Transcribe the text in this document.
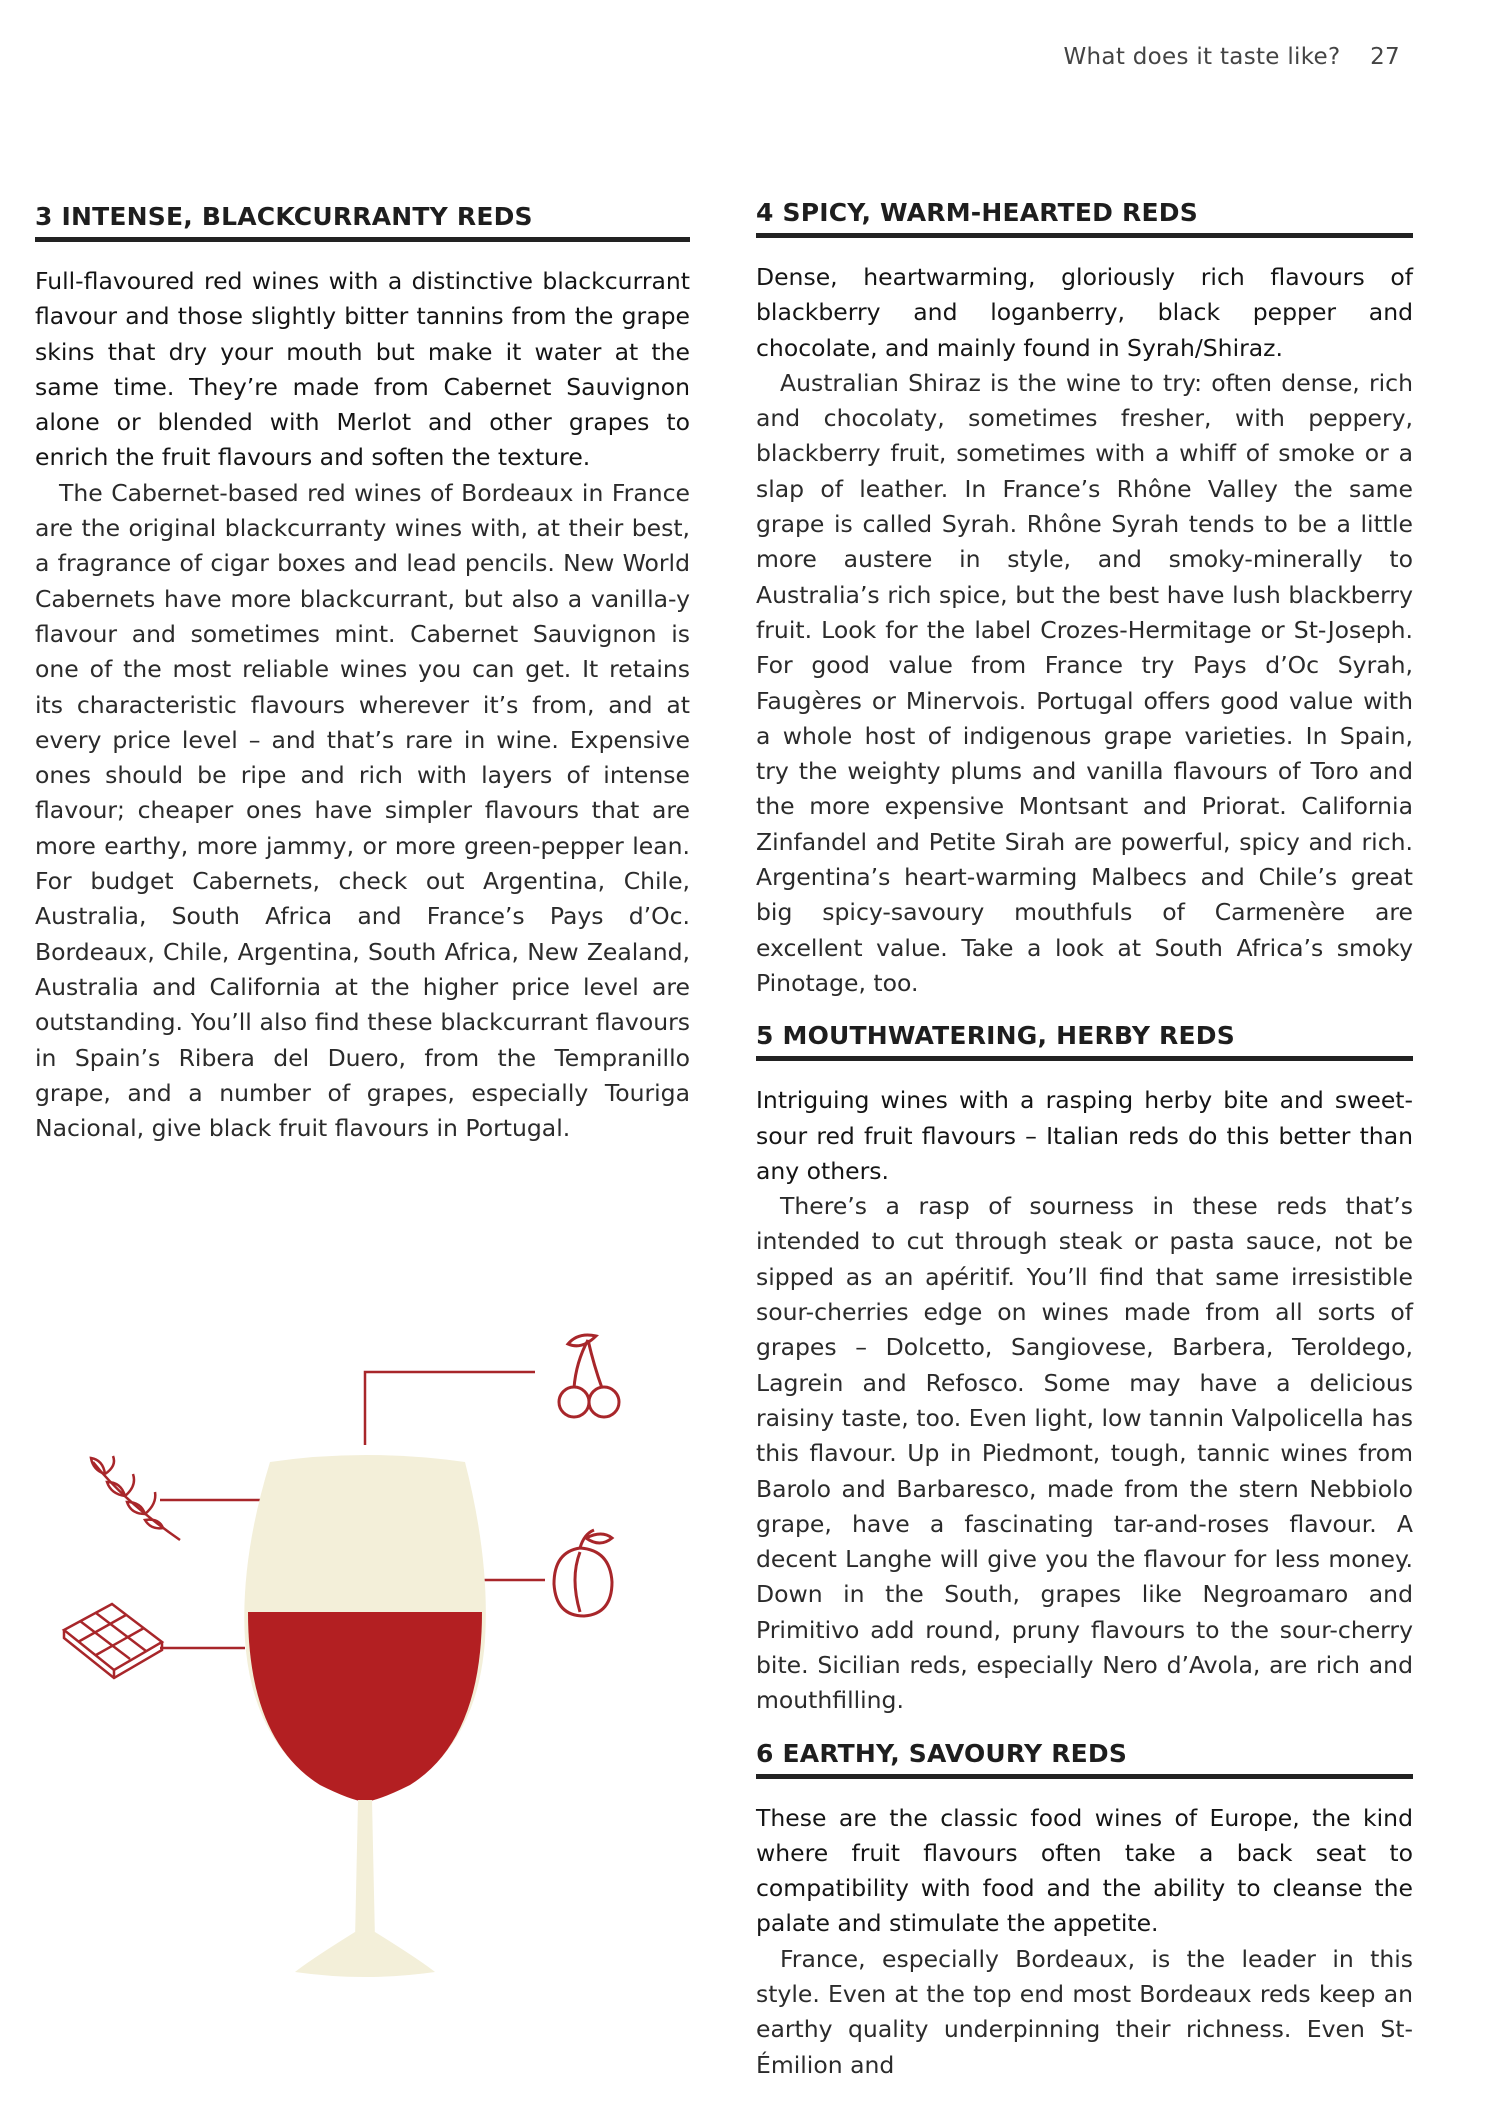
What does it taste like? 27
3 INTENSE, BLACKCURRANTY REDS

Full-flavoured red wines with a distinctive blackcurrant flavour and those slightly bitter tannins from the grape skins that dry your mouth but make it water at the same time. They’re made from Cabernet Sauvignon alone or blended with Merlot and other grapes to enrich the fruit flavours and soften the texture.

The Cabernet-based red wines of Bordeaux in France are the original blackcurranty wines with, at their best, a fragrance of cigar boxes and lead pencils. New World Cabernets have more blackcurrant, but also a vanilla-y flavour and sometimes mint. Cabernet Sauvignon is one of the most reliable wines you can get. It retains its characteristic flavours wherever it’s from, and at every price level – and that’s rare in wine. Expensive ones should be ripe and rich with layers of intense flavour; cheaper ones have simpler flavours that are more earthy, more jammy, or more green-pepper lean. For budget Cabernets, check out Argentina, Chile, Australia, South Africa and France’s Pays d’Oc. Bordeaux, Chile, Argentina, South Africa, New Zealand, Australia and California at the higher price level are outstanding. You’ll also find these blackcurrant flavours in Spain’s Ribera del Duero, from the Tempranillo grape, and a number of grapes, especially Touriga Nacional, give black fruit flavours in Portugal.

4 SPICY, WARM-HEARTED REDS

Dense, heartwarming, gloriously rich flavours of blackberry and loganberry, black pepper and chocolate, and mainly found in Syrah/Shiraz.

Australian Shiraz is the wine to try: often dense, rich and chocolaty, sometimes fresher, with peppery, blackberry fruit, sometimes with a whiff of smoke or a slap of leather. In France’s Rhône Valley the same grape is called Syrah. Rhône Syrah tends to be a little more austere in style, and smoky-minerally to Australia’s rich spice, but the best have lush blackberry fruit. Look for the label Crozes-Hermitage or St-Joseph. For good value from France try Pays d’Oc Syrah, Faugères or Minervois. Portugal offers good value with a whole host of indigenous grape varieties. In Spain, try the weighty plums and vanilla flavours of Toro and the more expensive Montsant and Priorat. California Zinfandel and Petite Sirah are powerful, spicy and rich. Argentina’s heart-warming Malbecs and Chile’s great big spicy-savoury mouthfuls of Carmenère are excellent value. Take a look at South Africa’s smoky Pinotage, too.

5 MOUTHWATERING, HERBY REDS

Intriguing wines with a rasping herby bite and sweet-sour red fruit flavours – Italian reds do this better than any others.

There’s a rasp of sourness in these reds that’s intended to cut through steak or pasta sauce, not be sipped as an apéritif. You’ll find that same irresistible sour-cherries edge on wines made from all sorts of grapes – Dolcetto, Sangiovese, Barbera, Teroldego, Lagrein and Refosco. Some may have a delicious raisiny taste, too. Even light, low tannin Valpolicella has this flavour. Up in Piedmont, tough, tannic wines from Barolo and Barbaresco, made from the stern Nebbiolo grape, have a fascinating tar-and-roses flavour. A decent Langhe will give you the flavour for less money. Down in the South, grapes like Negroamaro and Primitivo add round, pruny flavours to the sour-cherry bite. Sicilian reds, especially Nero d’Avola, are rich and mouthfilling.

6 EARTHY, SAVOURY REDS

These are the classic food wines of Europe, the kind where fruit flavours often take a back seat to compatibility with food and the ability to cleanse the palate and stimulate the appetite.

France, especially Bordeaux, is the leader in this style. Even at the top end most Bordeaux reds keep an earthy quality underpinning their richness. Even St-Émilion and
